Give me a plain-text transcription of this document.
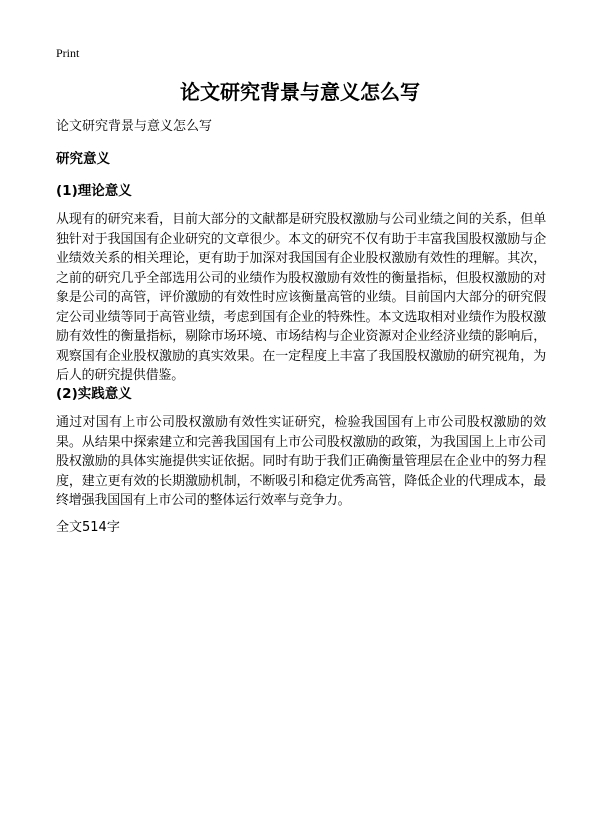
Print
论文研究背景与意义怎么写
论文研究背景与意义怎么写
研究意义
(1)理论意义
从现有的研究来看，目前大部分的文献都是研究股权激励与公司业绩之间的关系，但单独针对于我国国有企业研究的文章很少。本文的研究不仅有助于丰富我国股权激励与企业绩效关系的相关理论，更有助于加深对我国国有企业股权激励有效性的理解。其次，之前的研究几乎全部选用公司的业绩作为股权激励有效性的衡量指标，但股权激励的对象是公司的高管，评价激励的有效性时应该衡量高管的业绩。目前国内大部分的研究假定公司业绩等同于高管业绩，考虑到国有企业的特殊性。本文选取相对业绩作为股权激励有效性的衡量指标，剔除市场环境、市场结构与企业资源对企业经济业绩的影响后，观察国有企业股权激励的真实效果。在一定程度上丰富了我国股权激励的研究视角，为后人的研究提供借鉴。
(2)实践意义
通过对国有上市公司股权激励有效性实证研究，检验我国国有上市公司股权激励的效果。从结果中探索建立和完善我国国有上市公司股权激励的政策，为我国国上上市公司股权激励的具体实施提供实证依据。同时有助于我们正确衡量管理层在企业中的努力程度，建立更有效的长期激励机制，不断吸引和稳定优秀高管，降低企业的代理成本，最终增强我国国有上市公司的整体运行效率与竞争力。
全文514字
